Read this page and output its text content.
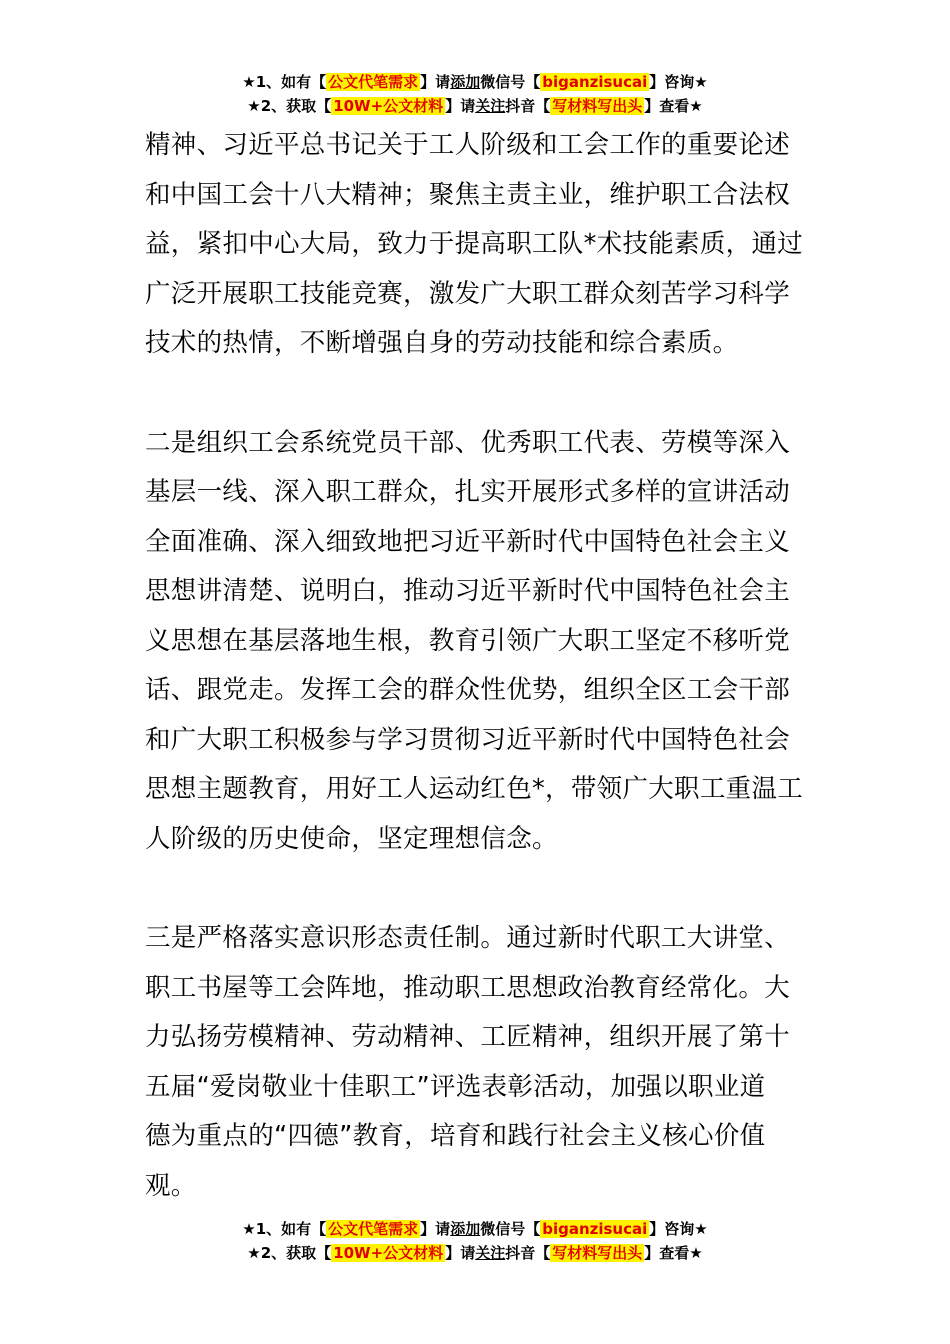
★1、如有【 公文代笔需求 】请添加微信号【 biganzisucai 】咨询★
★2、获取【 10W+公文材料 】请关注抖音【 写材料写出头 】查看★

精神、习近平总书记关于工人阶级和工会工作的重要论述
和中国工会十八大精神；聚焦主责主业，维护职工合法权
益，紧扣中心大局，致力于提高职工队*术技能素质，通过
广泛开展职工技能竞赛，激发广大职工群众刻苦学习科学
技术的热情，不断增强自身的劳动技能和综合素质。

二是组织工会系统党员干部、优秀职工代表、劳模等深入
基层一线、深入职工群众，扎实开展形式多样的宣讲活动
全面准确、深入细致地把习近平新时代中国特色社会主义
思想讲清楚、说明白，推动习近平新时代中国特色社会主
义思想在基层落地生根，教育引领广大职工坚定不移听党
话、跟党走。发挥工会的群众性优势，组织全区工会干部
和广大职工积极参与学习贯彻习近平新时代中国特色社会
思想主题教育，用好工人运动红色*，带领广大职工重温工
人阶级的历史使命，坚定理想信念。

三是严格落实意识形态责任制。通过新时代职工大讲堂、
职工书屋等工会阵地，推动职工思想政治教育经常化。大
力弘扬劳模精神、劳动精神、工匠精神，组织开展了第十
五届“爱岗敬业十佳职工”评选表彰活动，加强以职业道
德为重点的“四德”教育，培育和践行社会主义核心价值
观。

★1、如有【 公文代笔需求 】请添加微信号【 biganzisucai 】咨询★
★2、获取【 10W+公文材料 】请关注抖音【 写材料写出头 】查看★
